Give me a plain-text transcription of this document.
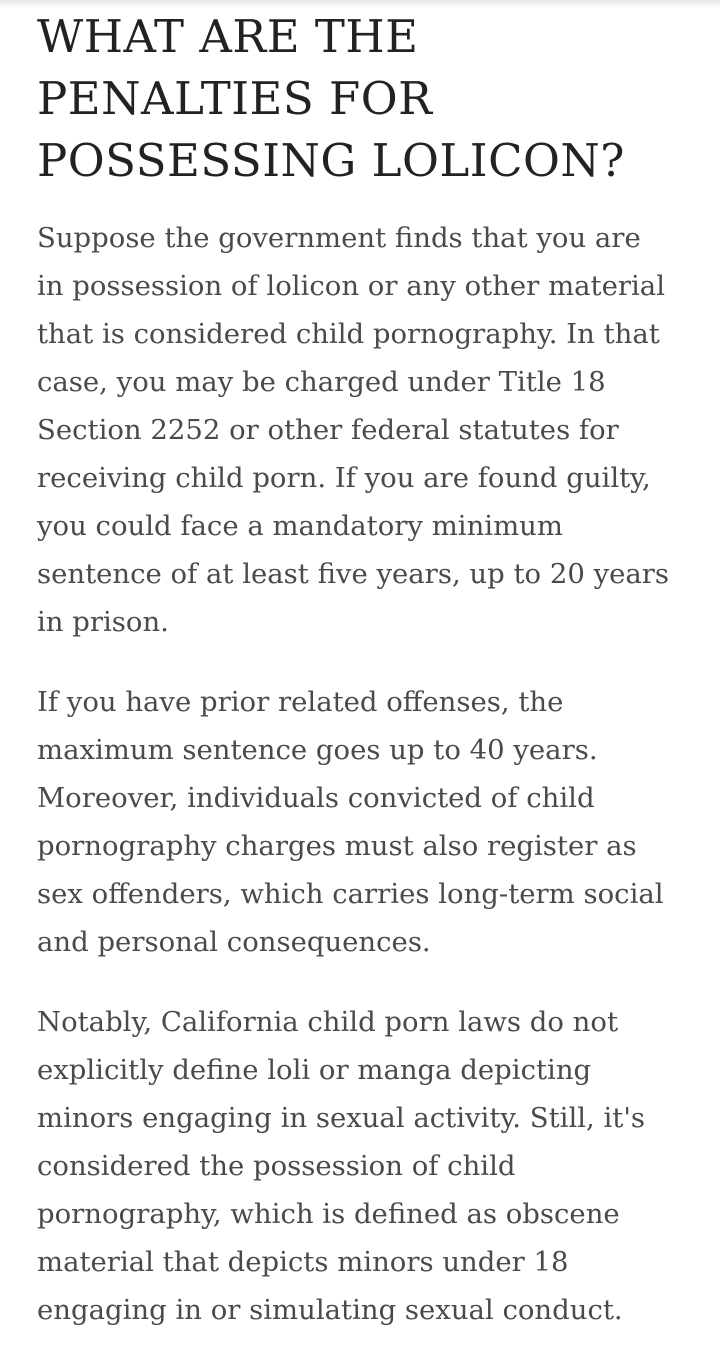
WHAT ARE THE
PENALTIES FOR
POSSESSING LOLICON?
Suppose the government finds that you are
in possession of lolicon or any other material
that is considered child pornography. In that
case, you may be charged under Title 18
Section 2252 or other federal statutes for
receiving child porn. If you are found guilty,
you could face a mandatory minimum
sentence of at least five years, up to 20 years
in prison.
If you have prior related offenses, the
maximum sentence goes up to 40 years.
Moreover, individuals convicted of child
pornography charges must also register as
sex offenders, which carries long-term social
and personal consequences.
Notably, California child porn laws do not
explicitly define loli or manga depicting
minors engaging in sexual activity. Still, it's
considered the possession of child
pornography, which is defined as obscene
material that depicts minors under 18
engaging in or simulating sexual conduct.
